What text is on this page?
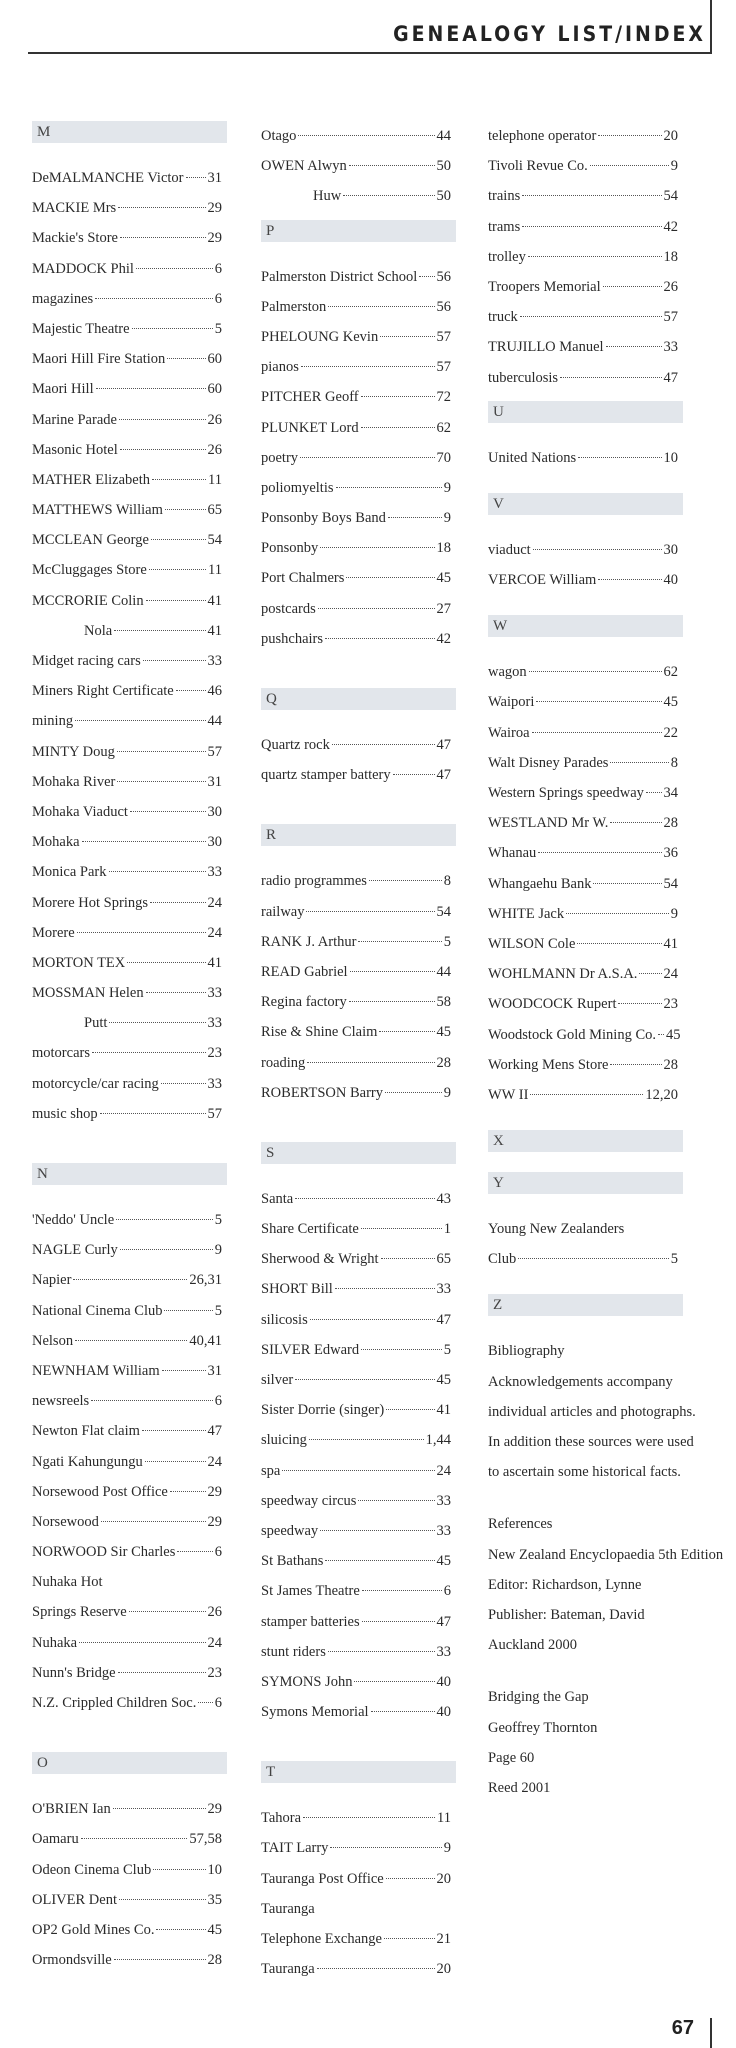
GENEALOGY LIST/INDEX
M
DeMALMANCHE Victor 31
MACKIE Mrs	29
Mackie's Store	29
MADDOCK Phil	6
magazines	6
Majestic Theatre	5
Maori Hill Fire Station	60
Maori Hill	60
Marine Parade	26
Masonic Hotel	26
MATHER Elizabeth	11
MATTHEWS William	65
MCCLEAN George	54
McCluggages Store	11
MCCRORIE Colin	41
Nola	41
Midget racing cars	33
Miners Right Certificate 46
mining	44
MINTY Doug	57
Mohaka River	31
Mohaka Viaduct	30
Mohaka	30
Monica Park	33
Morere Hot Springs	24
Morere	24
MORTON TEX	41
MOSSMAN Helen	33
Putt	33
motorcars	23
motorcycle/car racing	33
music shop	57
N
'Neddo' Uncle	5
NAGLE Curly	9
Napier	26,31
National Cinema Club	5
Nelson	40,41
NEWNHAM William	31
newsreels	6
Newton Flat claim	47
Ngati Kahungungu	24
Norsewood Post Office	29
Norsewood	29
NORWOOD Sir Charles	6
Nuhaka Hot
Springs Reserve	26
Nuhaka	24
Nunn's Bridge	23
N.Z. Crippled Children Soc. 6
O
O'BRIEN Ian	29
Oamaru	57,58
Odeon Cinema Club	10
OLIVER Dent	35
OP2 Gold Mines Co.	45
Ormondsville	28
Otago	44
OWEN Alwyn	50
Huw	50
P
Palmerston District School 56
Palmerston	56
PHELOUNG Kevin	57
pianos	57
PITCHER Geoff	72
PLUNKET Lord	62
poetry	70
poliomyeltis	9
Ponsonby Boys Band	9
Ponsonby	18
Port Chalmers	45
postcards	27
pushchairs	42
Q
Quartz rock	47
quartz stamper battery	47
R
radio programmes	8
railway	54
RANK J. Arthur	5
READ Gabriel	44
Regina factory	58
Rise & Shine Claim	45
roading	28
ROBERTSON Barry	9
S
Santa	43
Share Certificate	1
Sherwood & Wright	65
SHORT Bill	33
silicosis	47
SILVER Edward	5
silver	45
Sister Dorrie (singer)	41
sluicing	1,44
spa	24
speedway circus	33
speedway	33
St Bathans	45
St James Theatre	6
stamper batteries	47
stunt riders	33
SYMONS John	40
Symons Memorial	40
T
Tahora	11
TAIT Larry	9
Tauranga Post Office	20
Tauranga
Telephone Exchange	21
Tauranga	20
telephone operator	20
Tivoli Revue Co.	9
trains	54
trams	42
trolley	18
Troopers Memorial	26
truck	57
TRUJILLO Manuel	33
tuberculosis	47
U
United Nations	10
V
viaduct	30
VERCOE William	40
W
wagon	62
Waipori	45
Wairoa	22
Walt Disney Parades	8
Western Springs speedway 34
WESTLAND Mr W.	28
Whanau	36
Whangaehu Bank	54
WHITE Jack	9
WILSON Cole	41
WOHLMANN Dr A.S.A. 24
WOODCOCK Rupert	23
Woodstock Gold Mining Co. 45
Working Mens Store	28
WW II	12,20
X
Y
Young New Zealanders
Club	5
Z
Bibliography
Acknowledgements accompany individual articles and photographs. In addition these sources were used to ascertain some historical facts.
References
New Zealand Encyclopaedia 5th Edition
Editor: Richardson, Lynne
Publisher: Bateman, David
Auckland 2000
Bridging the Gap
Geoffrey Thornton
Page 60
Reed 2001
67
